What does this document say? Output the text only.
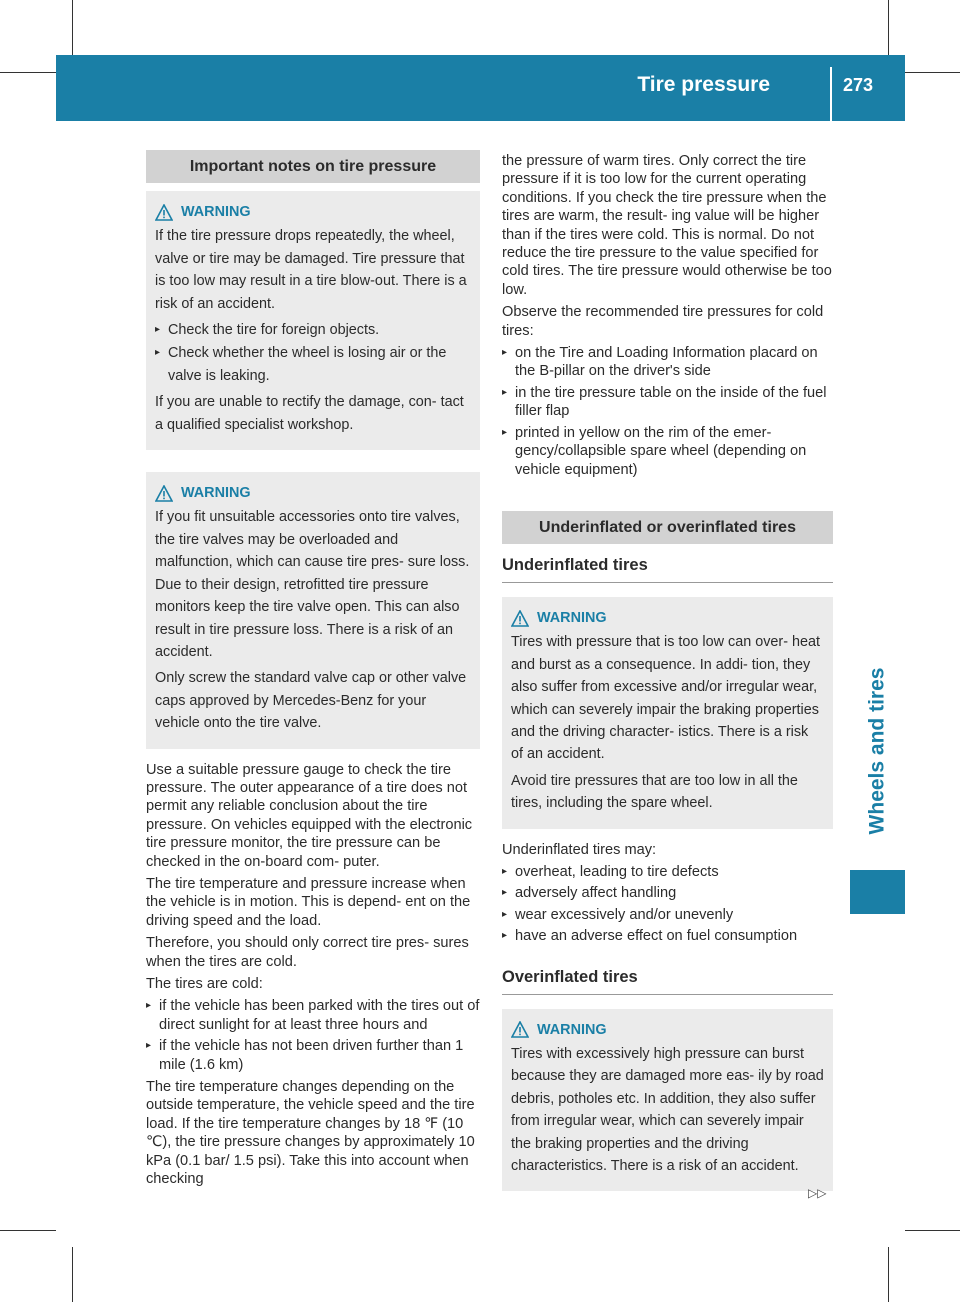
Tire pressure	273
Wheels and tires
Important notes on tire pressure
WARNING

If the tire pressure drops repeatedly, the wheel, valve or tire may be damaged. Tire pressure that is too low may result in a tire blow-out. There is a risk of an accident.

▸ Check the tire for foreign objects.
▸ Check whether the wheel is losing air or the valve is leaking.

If you are unable to rectify the damage, con- tact a qualified specialist workshop.

WARNING

If you fit unsuitable accessories onto tire valves, the tire valves may be overloaded and malfunction, which can cause tire pres- sure loss. Due to their design, retrofitted tire pressure monitors keep the tire valve open. This can also result in tire pressure loss. There is a risk of an accident.

Only screw the standard valve cap or other valve caps approved by Mercedes-Benz for your vehicle onto the tire valve.

Use a suitable pressure gauge to check the tire pressure. The outer appearance of a tire does not permit any reliable conclusion about the tire pressure. On vehicles equipped with the electronic tire pressure monitor, the tire pressure can be checked in the on-board com- puter.

The tire temperature and pressure increase when the vehicle is in motion. This is depend- ent on the driving speed and the load.

Therefore, you should only correct tire pres- sures when the tires are cold.

The tires are cold:

▸ if the vehicle has been parked with the tires out of direct sunlight for at least three hours and
▸ if the vehicle has not been driven further than 1 mile (1.6 km)

The tire temperature changes depending on the outside temperature, the vehicle speed and the tire load. If the tire temperature changes by 18 ℉ (10 ℃), the tire pressure changes by approximately 10 kPa (0.1 bar/ 1.5 psi). Take this into account when checking

the pressure of warm tires. Only correct the tire pressure if it is too low for the current operating conditions. If you check the tire pressure when the tires are warm, the result- ing value will be higher than if the tires were cold. This is normal. Do not reduce the tire pressure to the value specified for cold tires. The tire pressure would otherwise be too low.

Observe the recommended tire pressures for cold tires:

▸ on the Tire and Loading Information placard on the B-pillar on the driver's side
▸ in the tire pressure table on the inside of the fuel filler flap
▸ printed in yellow on the rim of the emer- gency/collapsible spare wheel (depending on vehicle equipment)
Underinflated or overinflated tires
Underinflated tires
WARNING

Tires with pressure that is too low can over- heat and burst as a consequence. In addi- tion, they also suffer from excessive and/or irregular wear, which can severely impair the braking properties and the driving character- istics. There is a risk of an accident.

Avoid tire pressures that are too low in all the tires, including the spare wheel.

Underinflated tires may:

▸ overheat, leading to tire defects
▸ adversely affect handling
▸ wear excessively and/or unevenly
▸ have an adverse effect on fuel consumption
Overinflated tires
WARNING

Tires with excessively high pressure can burst because they are damaged more eas- ily by road debris, potholes etc. In addition, they also suffer from irregular wear, which can severely impair the braking properties and the driving characteristics. There is a risk of an accident.

▷▷
